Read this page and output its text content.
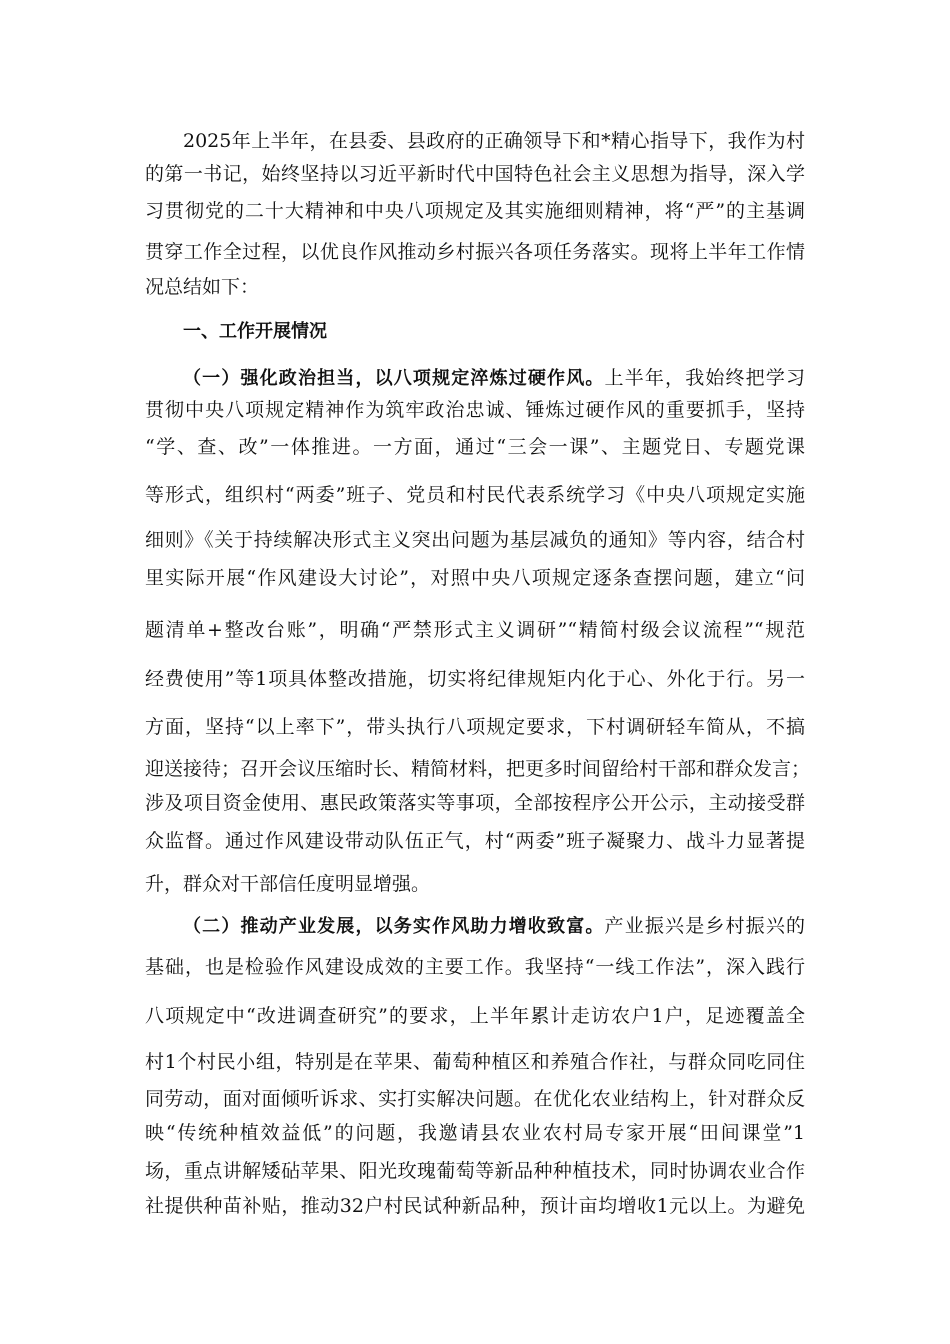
2025年上半年，在县委、县政府的正确领导下和*精心指导下，我作为村
的第一书记，始终坚持以习近平新时代中国特色社会主义思想为指导，深入学
习贯彻党的二十大精神和中央八项规定及其实施细则精神，将“严”的主基调
贯穿工作全过程，以优良作风推动乡村振兴各项任务落实。现将上半年工作情
况总结如下：
一、工作开展情况
（一）强化政治担当，以八项规定淬炼过硬作风。上半年，我始终把学习
贯彻中央八项规定精神作为筑牢政治忠诚、锤炼过硬作风的重要抓手，坚持
“学、查、改”一体推进。一方面，通过“三会一课”、主题党日、专题党课
等形式，组织村“两委”班子、党员和村民代表系统学习《中央八项规定实施
细则》《关于持续解决形式主义突出问题为基层减负的通知》等内容，结合村
里实际开展“作风建设大讨论”，对照中央八项规定逐条查摆问题，建立“问
题清单+整改台账”，明确“严禁形式主义调研”“精简村级会议流程”“规范
经费使用”等1项具体整改措施，切实将纪律规矩内化于心、外化于行。另一
方面，坚持“以上率下”，带头执行八项规定要求，下村调研轻车简从，不搞
迎送接待；召开会议压缩时长、精简材料，把更多时间留给村干部和群众发言；
涉及项目资金使用、惠民政策落实等事项，全部按程序公开公示，主动接受群
众监督。通过作风建设带动队伍正气，村“两委”班子凝聚力、战斗力显著提
升，群众对干部信任度明显增强。
（二）推动产业发展，以务实作风助力增收致富。产业振兴是乡村振兴的
基础，也是检验作风建设成效的主要工作。我坚持“一线工作法”，深入践行
八项规定中“改进调查研究”的要求，上半年累计走访农户1户，足迹覆盖全
村1个村民小组，特别是在苹果、葡萄种植区和养殖合作社，与群众同吃同住
同劳动，面对面倾听诉求、实打实解决问题。在优化农业结构上，针对群众反
映“传统种植效益低”的问题，我邀请县农业农村局专家开展“田间课堂”1
场，重点讲解矮砧苹果、阳光玫瑰葡萄等新品种种植技术，同时协调农业合作
社提供种苗补贴，推动32户村民试种新品种，预计亩均增收1元以上。为避免
